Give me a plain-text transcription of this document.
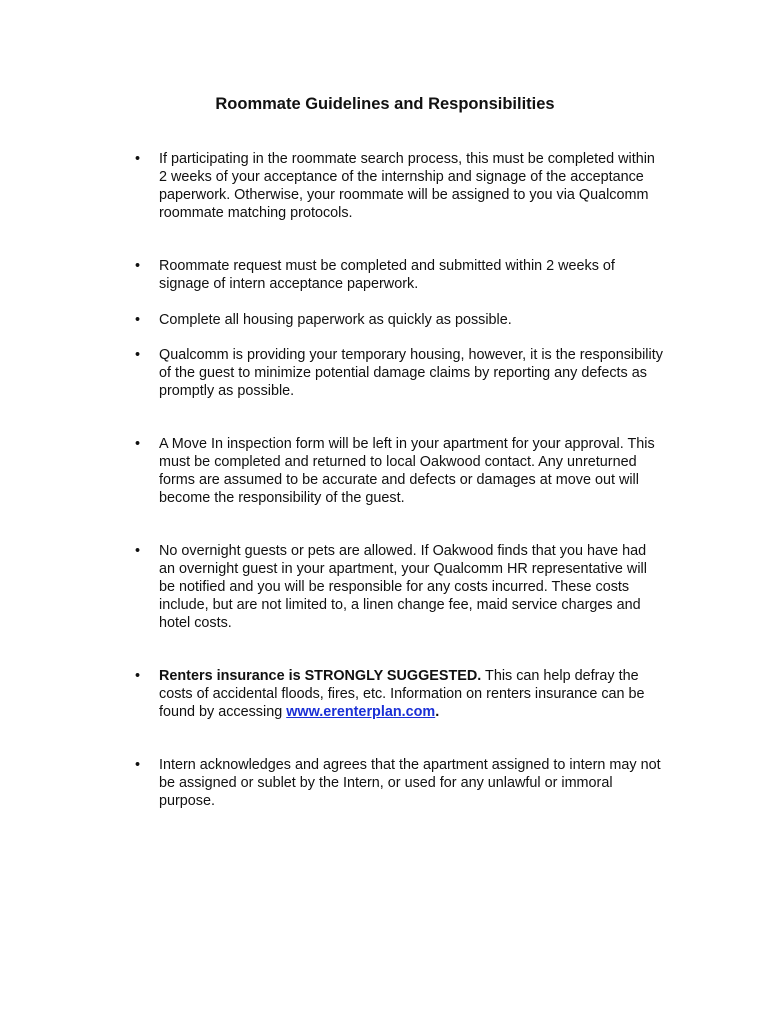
Roommate Guidelines and Responsibilities
• If participating in the roommate search process, this must be completed within 2 weeks of your acceptance of the internship and signage of the acceptance paperwork. Otherwise, your roommate will be assigned to you via Qualcomm roommate matching protocols.

• Roommate request must be completed and submitted within 2 weeks of signage of intern acceptance paperwork.

• Complete all housing paperwork as quickly as possible.

• Qualcomm is providing your temporary housing, however, it is the responsibility of the guest to minimize potential damage claims by reporting any defects as promptly as possible.

• A Move In inspection form will be left in your apartment for your approval. This must be completed and returned to local Oakwood contact. Any unreturned forms are assumed to be accurate and defects or damages at move out will become the responsibility of the guest.

• No overnight guests or pets are allowed. If Oakwood finds that you have had an overnight guest in your apartment, your Qualcomm HR representative will be notified and you will be responsible for any costs incurred. These costs include, but are not limited to, a linen change fee, maid service charges and hotel costs.

• Renters insurance is STRONGLY SUGGESTED. This can help defray the costs of accidental floods, fires, etc. Information on renters insurance can be found by accessing www.erenterplan.com.

• Intern acknowledges and agrees that the apartment assigned to intern may not be assigned or sublet by the Intern, or used for any unlawful or immoral purpose.
